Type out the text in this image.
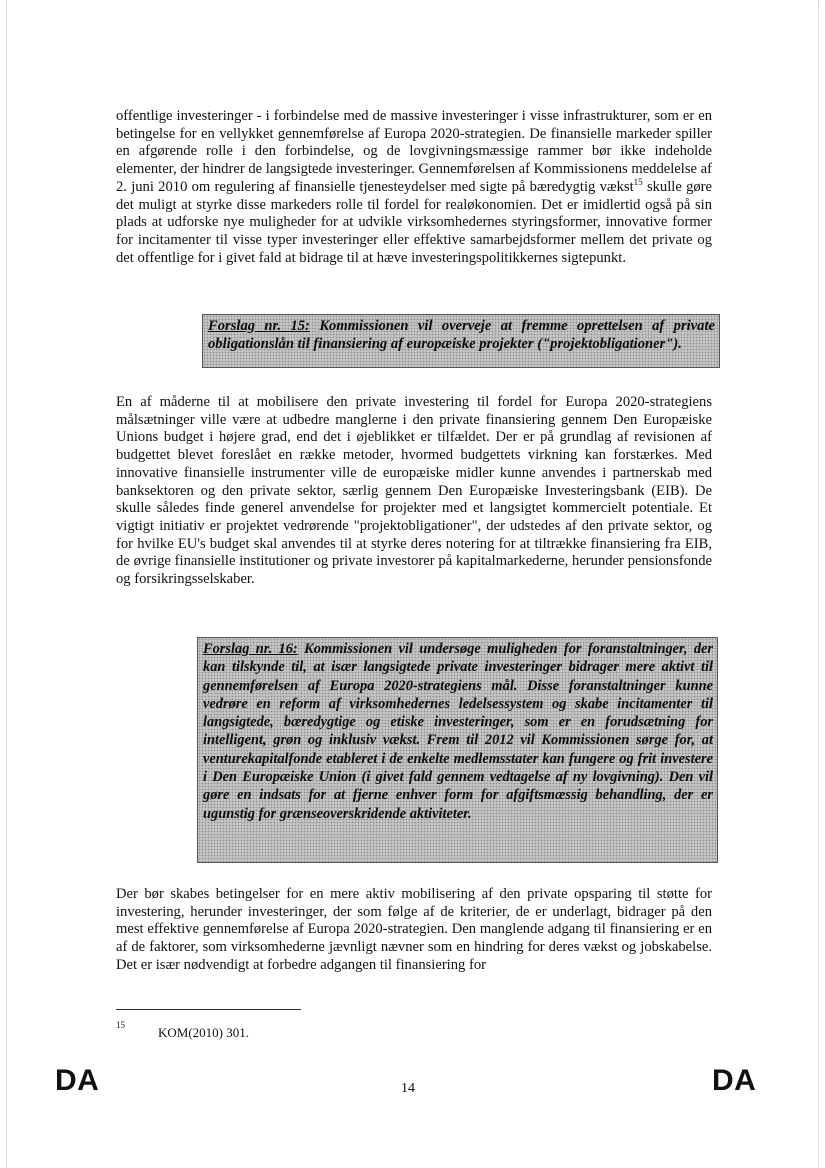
offentlige investeringer - i forbindelse med de massive investeringer i visse infrastrukturer, som er en betingelse for en vellykket gennemførelse af Europa 2020-strategien. De finansielle markeder spiller en afgørende rolle i den forbindelse, og de lovgivningsmæssige rammer bør ikke indeholde elementer, der hindrer de langsigtede investeringer. Gennemførelsen af Kommissionens meddelelse af 2. juni 2010 om regulering af finansielle tjenesteydelser med sigte på bæredygtig vækst$^{15}$ skulle gøre det muligt at styrke disse markeders rolle til fordel for realøkonomien. Det er imidlertid også på sin plads at udforske nye muligheder for at udvikle virksomhedernes styringsformer, innovative former for incitamenter til visse typer investeringer eller effektive samarbejdsformer mellem det private og det offentlige for i givet fald at bidrage til at hæve investeringspolitikkernes sigtepunkt.

Forslag nr. 15: Kommissionen vil overveje at fremme oprettelsen af private obligationslån til finansiering af europæiske projekter ("projektobligationer").

En af måderne til at mobilisere den private investering til fordel for Europa 2020-strategiens målsætninger ville være at udbedre manglerne i den private finansiering gennem Den Europæiske Unions budget i højere grad, end det i øjeblikket er tilfældet. Der er på grundlag af revisionen af budgettet blevet foreslået en række metoder, hvormed budgettets virkning kan forstærkes. Med innovative finansielle instrumenter ville de europæiske midler kunne anvendes i partnerskab med banksektoren og den private sektor, særlig gennem Den Europæiske Investeringsbank (EIB). De skulle således finde generel anvendelse for projekter med et langsigtet kommercielt potentiale. Et vigtigt initiativ er projektet vedrørende "projektobligationer", der udstedes af den private sektor, og for hvilke EU's budget skal anvendes til at styrke deres notering for at tiltrække finansiering fra EIB, de øvrige finansielle institutioner og private investorer på kapitalmarkederne, herunder pensionsfonde og forsikringsselskaber.

Forslag nr. 16: Kommissionen vil undersøge muligheden for foranstaltninger, der kan tilskynde til, at især langsigtede private investeringer bidrager mere aktivt til gennemførelsen af Europa 2020-strategiens mål. Disse foranstaltninger kunne vedrøre en reform af virksomhedernes ledelsessystem og skabe incitamenter til langsigtede, bæredygtige og etiske investeringer, som er en forudsætning for intelligent, grøn og inklusiv vækst. Frem til 2012 vil Kommissionen sørge for, at venturekapitalfonde etableret i de enkelte medlemsstater kan fungere og frit investere i Den Europæiske Union (i givet fald gennem vedtagelse af ny lovgivning). Den vil gøre en indsats for at fjerne enhver form for afgiftsmæssig behandling, der er ugunstig for grænseoverskridende aktiviteter.

Der bør skabes betingelser for en mere aktiv mobilisering af den private opsparing til støtte for investering, herunder investeringer, der som følge af de kriterier, de er underlagt, bidrager på den mest effektive gennemførelse af Europa 2020-strategien. Den manglende adgang til finansiering er en af de faktorer, som virksomhederne jævnligt nævner som en hindring for deres vækst og jobskabelse. Det er især nødvendigt at forbedre adgangen til finansiering for

15	KOM(2010) 301.
DA	14	DA
